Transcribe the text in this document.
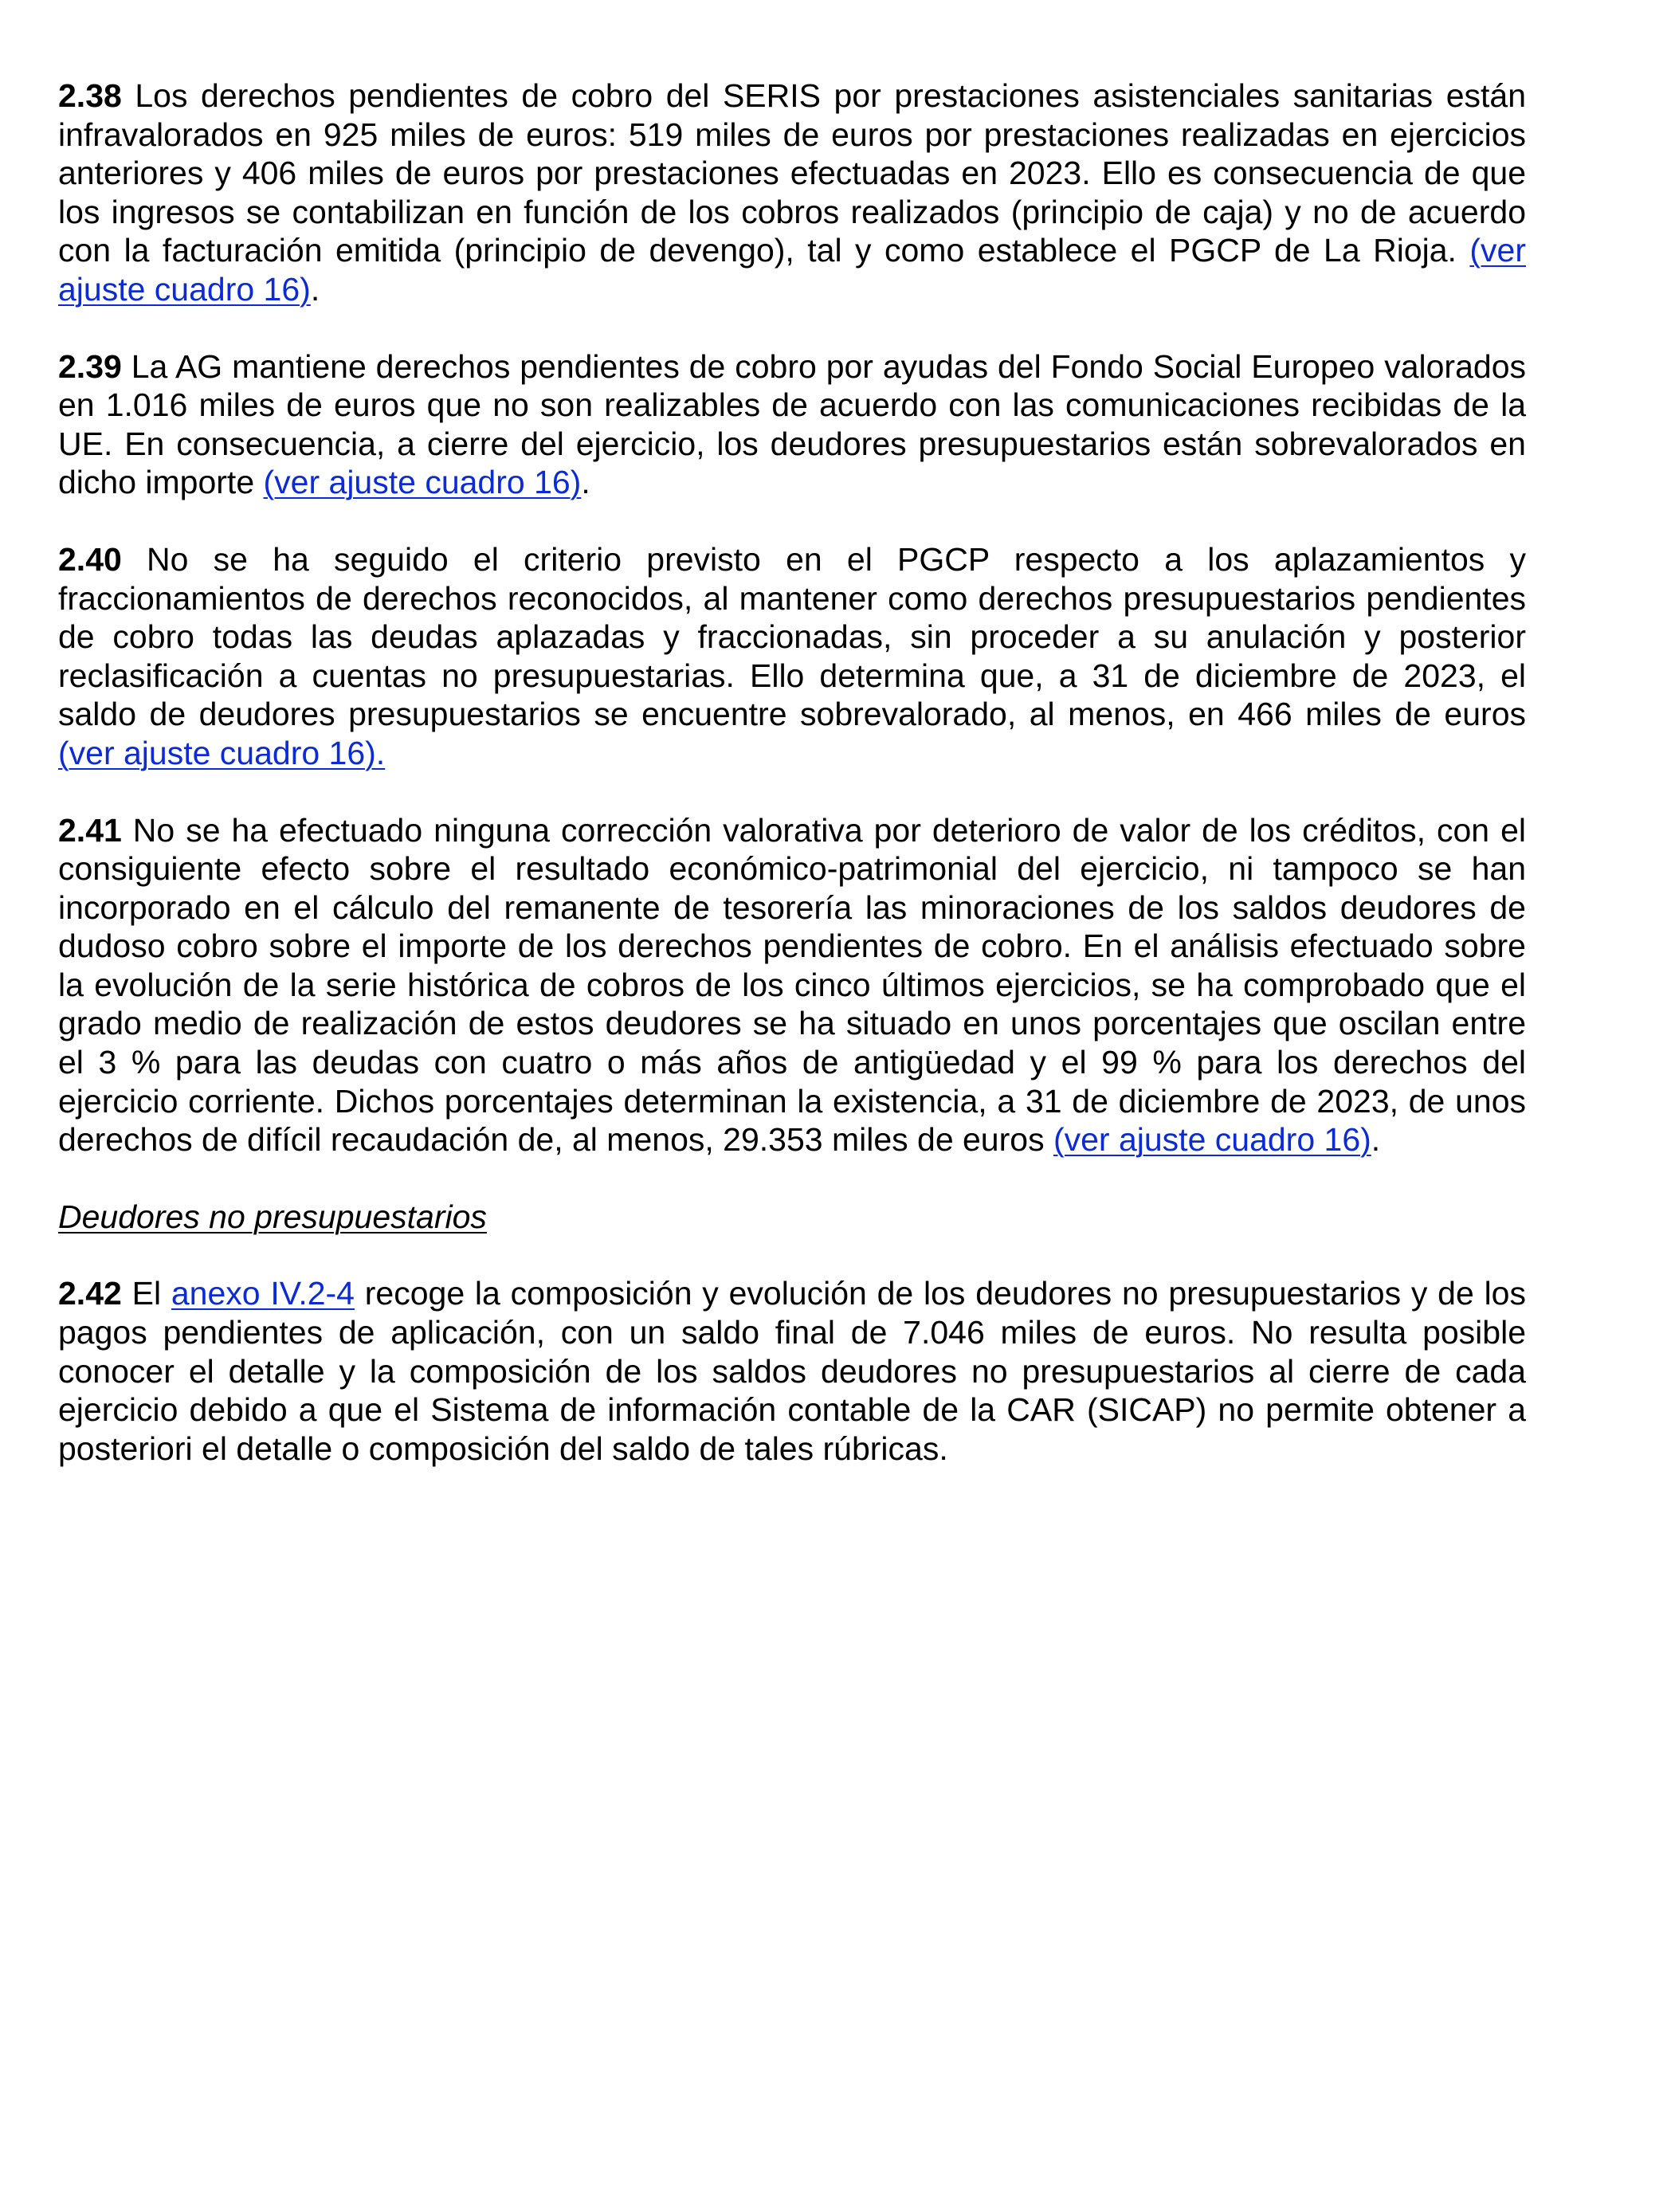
2.38 Los derechos pendientes de cobro del SERIS por prestaciones asistenciales sanitarias están infravalorados en 925 miles de euros: 519 miles de euros por prestaciones realizadas en ejercicios anteriores y 406 miles de euros por prestaciones efectuadas en 2023. Ello es consecuencia de que los ingresos se contabilizan en función de los cobros realizados (principio de caja) y no de acuerdo con la facturación emitida (principio de devengo), tal y como establece el PGCP de La Rioja. (ver ajuste cuadro 16).

2.39 La AG mantiene derechos pendientes de cobro por ayudas del Fondo Social Europeo valorados en 1.016 miles de euros que no son realizables de acuerdo con las comunicaciones recibidas de la UE. En consecuencia, a cierre del ejercicio, los deudores presupuestarios están sobrevalorados en dicho importe (ver ajuste cuadro 16).

2.40 No se ha seguido el criterio previsto en el PGCP respecto a los aplazamientos y fraccionamientos de derechos reconocidos, al mantener como derechos presupuestarios pendientes de cobro todas las deudas aplazadas y fraccionadas, sin proceder a su anulación y posterior reclasificación a cuentas no presupuestarias. Ello determina que, a 31 de diciembre de 2023, el saldo de deudores presupuestarios se encuentre sobrevalorado, al menos, en 466 miles de euros (ver ajuste cuadro 16).

2.41 No se ha efectuado ninguna corrección valorativa por deterioro de valor de los créditos, con el consiguiente efecto sobre el resultado económico-patrimonial del ejercicio, ni tampoco se han incorporado en el cálculo del remanente de tesorería las minoraciones de los saldos deudores de dudoso cobro sobre el importe de los derechos pendientes de cobro. En el análisis efectuado sobre la evolución de la serie histórica de cobros de los cinco últimos ejercicios, se ha comprobado que el grado medio de realización de estos deudores se ha situado en unos porcentajes que oscilan entre el 3 % para las deudas con cuatro o más años de antigüedad y el 99 % para los derechos del ejercicio corriente. Dichos porcentajes determinan la existencia, a 31 de diciembre de 2023, de unos derechos de difícil recaudación de, al menos, 29.353 miles de euros (ver ajuste cuadro 16).

Deudores no presupuestarios

2.42 El anexo IV.2-4 recoge la composición y evolución de los deudores no presupuestarios y de los pagos pendientes de aplicación, con un saldo final de 7.046 miles de euros. No resulta posible conocer el detalle y la composición de los saldos deudores no presupuestarios al cierre de cada ejercicio debido a que el Sistema de información contable de la CAR (SICAP) no permite obtener a posteriori el detalle o composición del saldo de tales rúbricas.
